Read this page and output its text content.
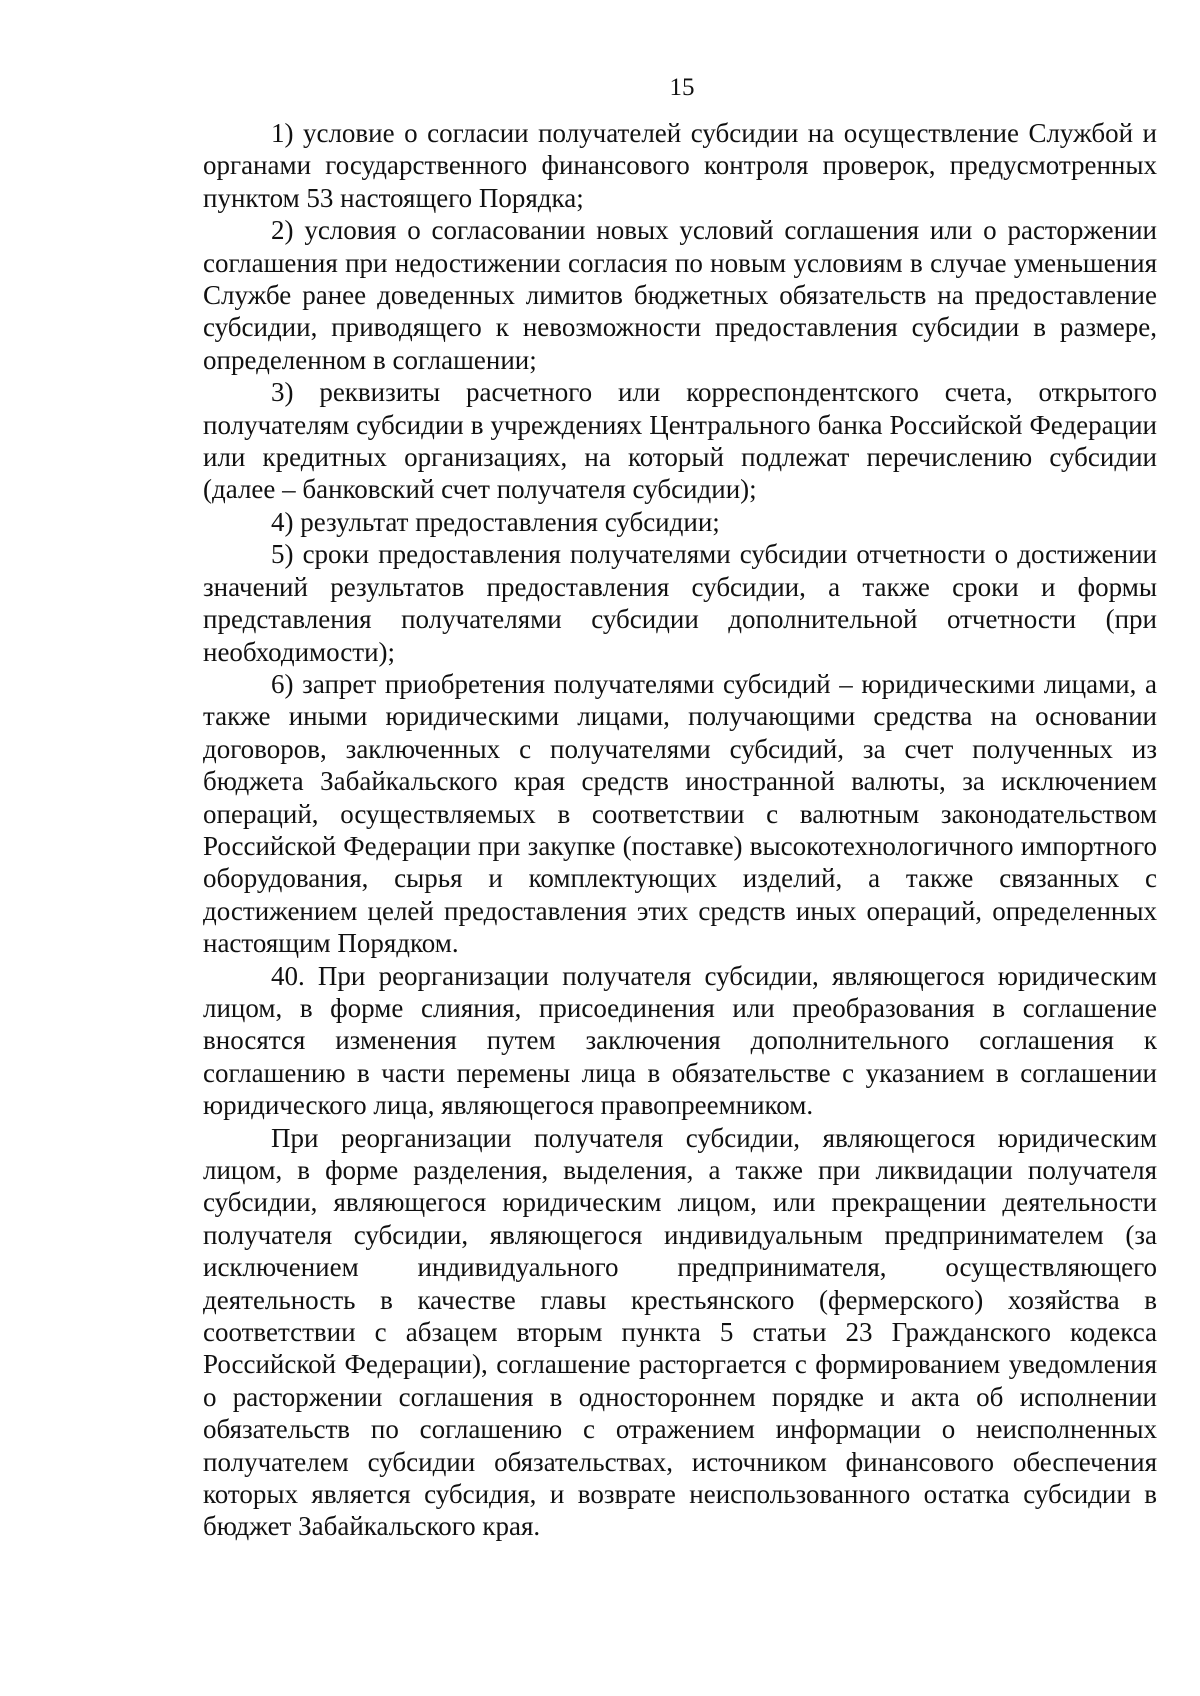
15

1) условие о согласии получателей субсидии на осуществление Службой и органами государственного финансового контроля проверок, предусмотренных пунктом 53 настоящего Порядка;

2) условия о согласовании новых условий соглашения или о расторжении соглашения при недостижении согласия по новым условиям в случае уменьшения Службе ранее доведенных лимитов бюджетных обязательств на предоставление субсидии, приводящего к невозможности предоставления субсидии в размере, определенном в соглашении;

3) реквизиты расчетного или корреспондентского счета, открытого получателям субсидии в учреждениях Центрального банка Российской Федерации или кредитных организациях, на который подлежат перечислению субсидии (далее – банковский счет получателя субсидии);

4) результат предоставления субсидии;

5) сроки предоставления получателями субсидии отчетности о достижении значений результатов предоставления субсидии, а также сроки и формы представления получателями субсидии дополнительной отчетности (при необходимости);

6) запрет приобретения получателями субсидий – юридическими лицами, а также иными юридическими лицами, получающими средства на основании договоров, заключенных с получателями субсидий, за счет полученных из бюджета Забайкальского края средств иностранной валюты, за исключением операций, осуществляемых в соответствии с валютным законодательством Российской Федерации при закупке (поставке) высокотехнологичного импортного оборудования, сырья и комплектующих изделий, а также связанных с достижением целей предоставления этих средств иных операций, определенных настоящим Порядком.

40. При реорганизации получателя субсидии, являющегося юридическим лицом, в форме слияния, присоединения или преобразования в соглашение вносятся изменения путем заключения дополнительного соглашения к соглашению в части перемены лица в обязательстве с указанием в соглашении юридического лица, являющегося правопреемником.

При реорганизации получателя субсидии, являющегося юридическим лицом, в форме разделения, выделения, а также при ликвидации получателя субсидии, являющегося юридическим лицом, или прекращении деятельности получателя субсидии, являющегося индивидуальным предпринимателем (за исключением индивидуального предпринимателя, осуществляющего деятельность в качестве главы крестьянского (фермерского) хозяйства в соответствии с абзацем вторым пункта 5 статьи 23 Гражданского кодекса Российской Федерации), соглашение расторгается с формированием уведомления о расторжении соглашения в одностороннем порядке и акта об исполнении обязательств по соглашению с отражением информации о неисполненных получателем субсидии обязательствах, источником финансового обеспечения которых является субсидия, и возврате неиспользованного остатка субсидии в бюджет Забайкальского края.
